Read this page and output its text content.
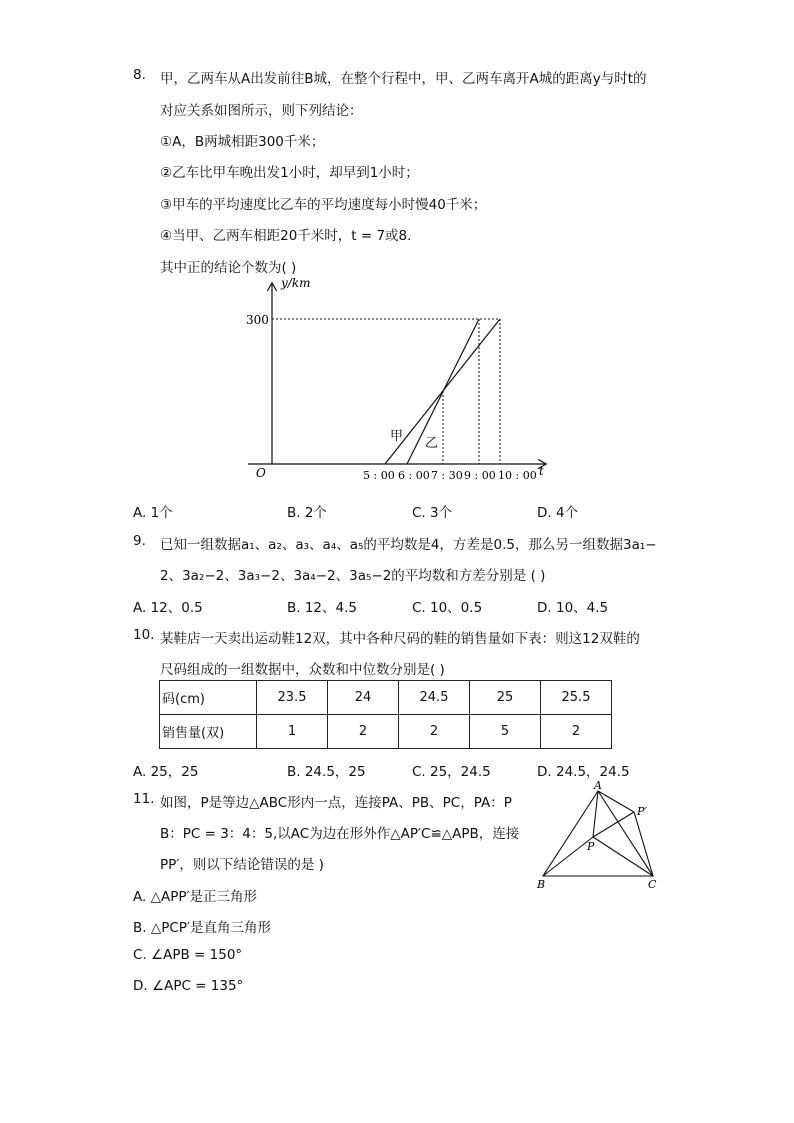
8. 甲，乙两车从A出发前往B城，在整个行程中，甲、乙两车离开A城的距离y与时t的
对应关系如图所示，则下列结论：
①A，B两城相距300千米；
②乙车比甲车晚出发1小时，却早到1小时；
③甲车的平均速度比乙车的平均速度每小时慢40千米；
④当甲、乙两车相距20千米时，t = 7或8.
其中正的结论个数为( )
y/km
t
O
300
5 : 00 6 : 00 7 : 30 9 : 00 10 : 00
甲 乙
A. 1个	B. 2个	C. 3个	D. 4个
9. 已知一组数据a₁、a₂、a₃、a₄、a₅的平均数是4，方差是0.5，那么另一组数据3a₁−
2、3a₂−2、3a₃−2、3a₄−2、3a₅−2的平均数和方差分别是 ( )
A. 12、0.5	B. 12、4.5	C. 10、0.5	D. 10、4.5
10. 某鞋店一天卖出运动鞋12双，其中各种尺码的鞋的销售量如下表：则这12双鞋的
尺码组成的一组数据中，众数和中位数分别是( )
码(cm)	23.5	24	24.5	25	25.5
销售量(双)	1	2	2	5	2
A. 25，25	B. 24.5，25	C. 25，24.5	D. 24.5，24.5
11. 如图，P是等边△ABC形内一点，连接PA、PB、PC，PA：P
B：PC = 3：4：5,以AC为边在形外作△AP′C≌△APB，连接
PP′，则以下结论错误的是 )
A
B	C
P
P′
A. △APP′是正三角形
B. △PCP′是直角三角形
C. ∠APB = 150°
D. ∠APC = 135°
